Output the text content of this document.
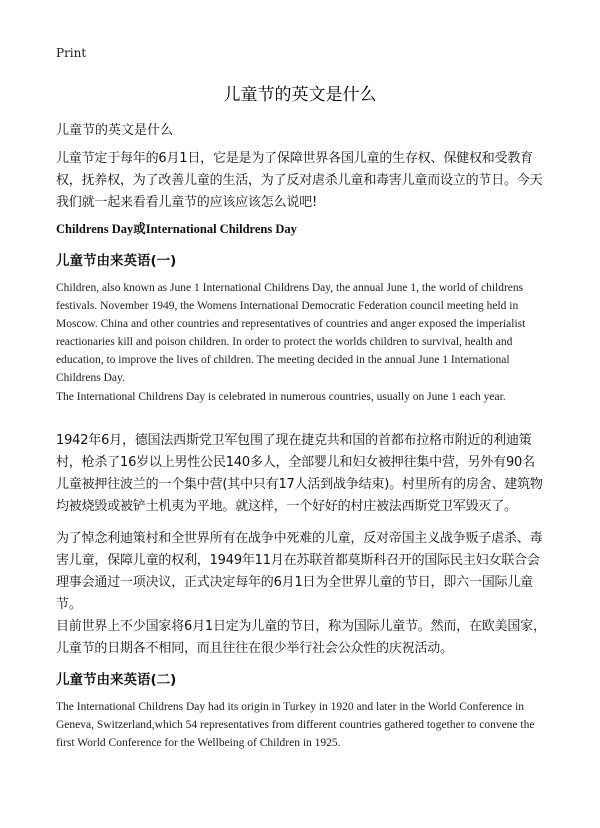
Print
儿童节的英文是什么
儿童节的英文是什么
儿童节定于每年的6月1日，它是是为了保障世界各国儿童的生存权、保健权和受教育权，抚养权，为了改善儿童的生活，为了反对虐杀儿童和毒害儿童而设立的节日。今天我们就一起来看看儿童节的应该应该怎么说吧!
Childrens Day或International Childrens Day
儿童节由来英语(一)
Children, also known as June 1 International Childrens Day, the annual June 1, the world of childrens festivals. November 1949, the Womens International Democratic Federation council meeting held in Moscow. China and other countries and representatives of countries and anger exposed the imperialist reactionaries kill and poison children. In order to protect the worlds children to survival, health and education, to improve the lives of children. The meeting decided in the annual June 1 International Childrens Day.
The International Childrens Day is celebrated in numerous countries, usually on June 1 each year.
1942年6月，德国法西斯党卫军包围了现在捷克共和国的首都布拉格市附近的利迪策村，枪杀了16岁以上男性公民140多人，全部婴儿和妇女被押往集中营，另外有90名儿童被押往波兰的一个集中营(其中只有17人活到战争结束)。村里所有的房舍、建筑物均被烧毁或被铲土机夷为平地。就这样，一个好好的村庄被法西斯党卫军毁灭了。
为了悼念利迪策村和全世界所有在战争中死难的儿童，反对帝国主义战争贩子虐杀、毒害儿童，保障儿童的权利，1949年11月在苏联首都莫斯科召开的国际民主妇女联合会理事会通过一项决议，正式决定每年的6月1日为全世界儿童的节日，即六一国际儿童节。
目前世界上不少国家将6月1日定为儿童的节日，称为国际儿童节。然而，在欧美国家，儿童节的日期各不相同，而且往往在很少举行社会公众性的庆祝活动。
儿童节由来英语(二)
The International Childrens Day had its origin in Turkey in 1920 and later in the World Conference in Geneva, Switzerland,which 54 representatives from different countries gathered together to convene the first World Conference for the Wellbeing of Children in 1925.
